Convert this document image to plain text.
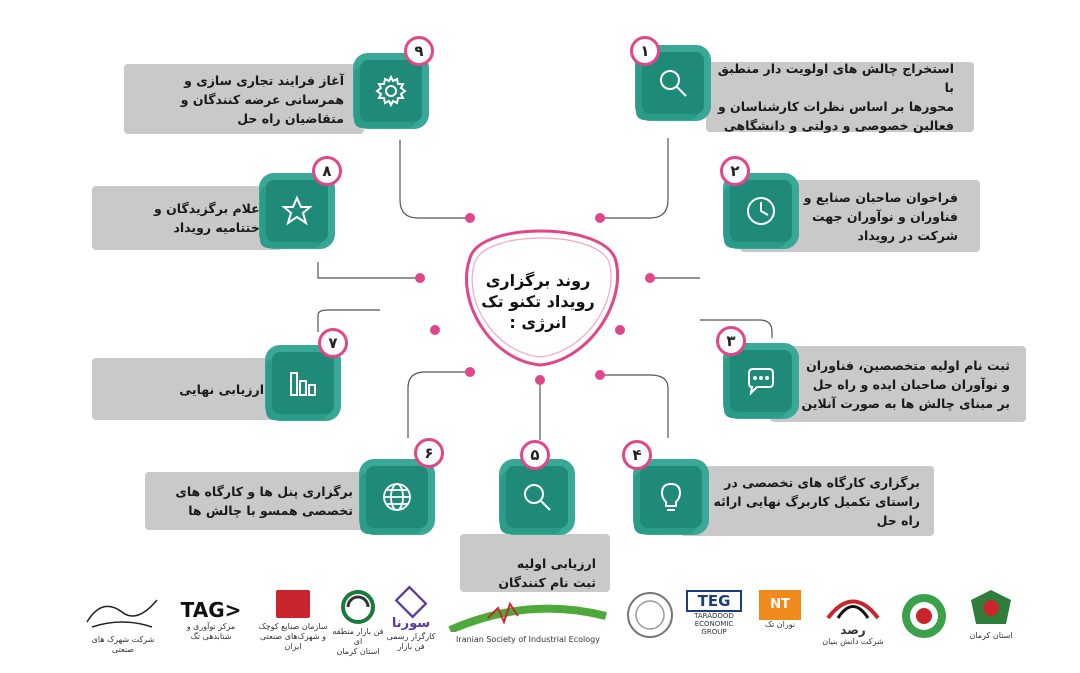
روند برگزاری
رویداد تکنو تک
انرژی :
استخراج چالش های اولویت دار منطبق با
محورها بر اساس نظرات کارشناسان و
فعالین خصوصی و دولتی و دانشگاهی
۱
فراخوان صاحبان صنایع و
فناوران و نوآوران جهت
شرکت در رویداد
۲
ثبت نام اولیه متخصصین، فناوران
و نوآوران صاحبان ایده و راه حل
بر مبنای چالش ها به صورت آنلاین
۳
برگزاری کارگاه های تخصصی در
راستای تکمیل کاربرگ نهایی ارائه
راه حل
۴
ارزیابی اولیه
ثبت نام کنندگان
۵
برگزاری پنل ها و کارگاه های
تخصصی همسو با چالش ها
۶
ارزیابی نهایی
۷
اعلام برگزیدگان و
اختتامیه رویداد
۸
آغاز فرایند تجاری سازی و
همرسانی عرضه کنندگان و
متقاضیان راه حل
۹
شرکت شهرک های صنعتی
TAG>
مرکز نوآوری و
شتابدهی تگ
سازمان صنایع کوچک
و شهرک‌های صنعتی ایران
فن بازار منطقه ای
استان کرمان
سورنا
کارگزار رسمی فن بازار
Iranian Society of Industrial Ecology
TEG
TARADOOD
ECONOMIC
GROUP
NT
نوران تک	رصد
شرکت دانش بنیان
استان کرمان
